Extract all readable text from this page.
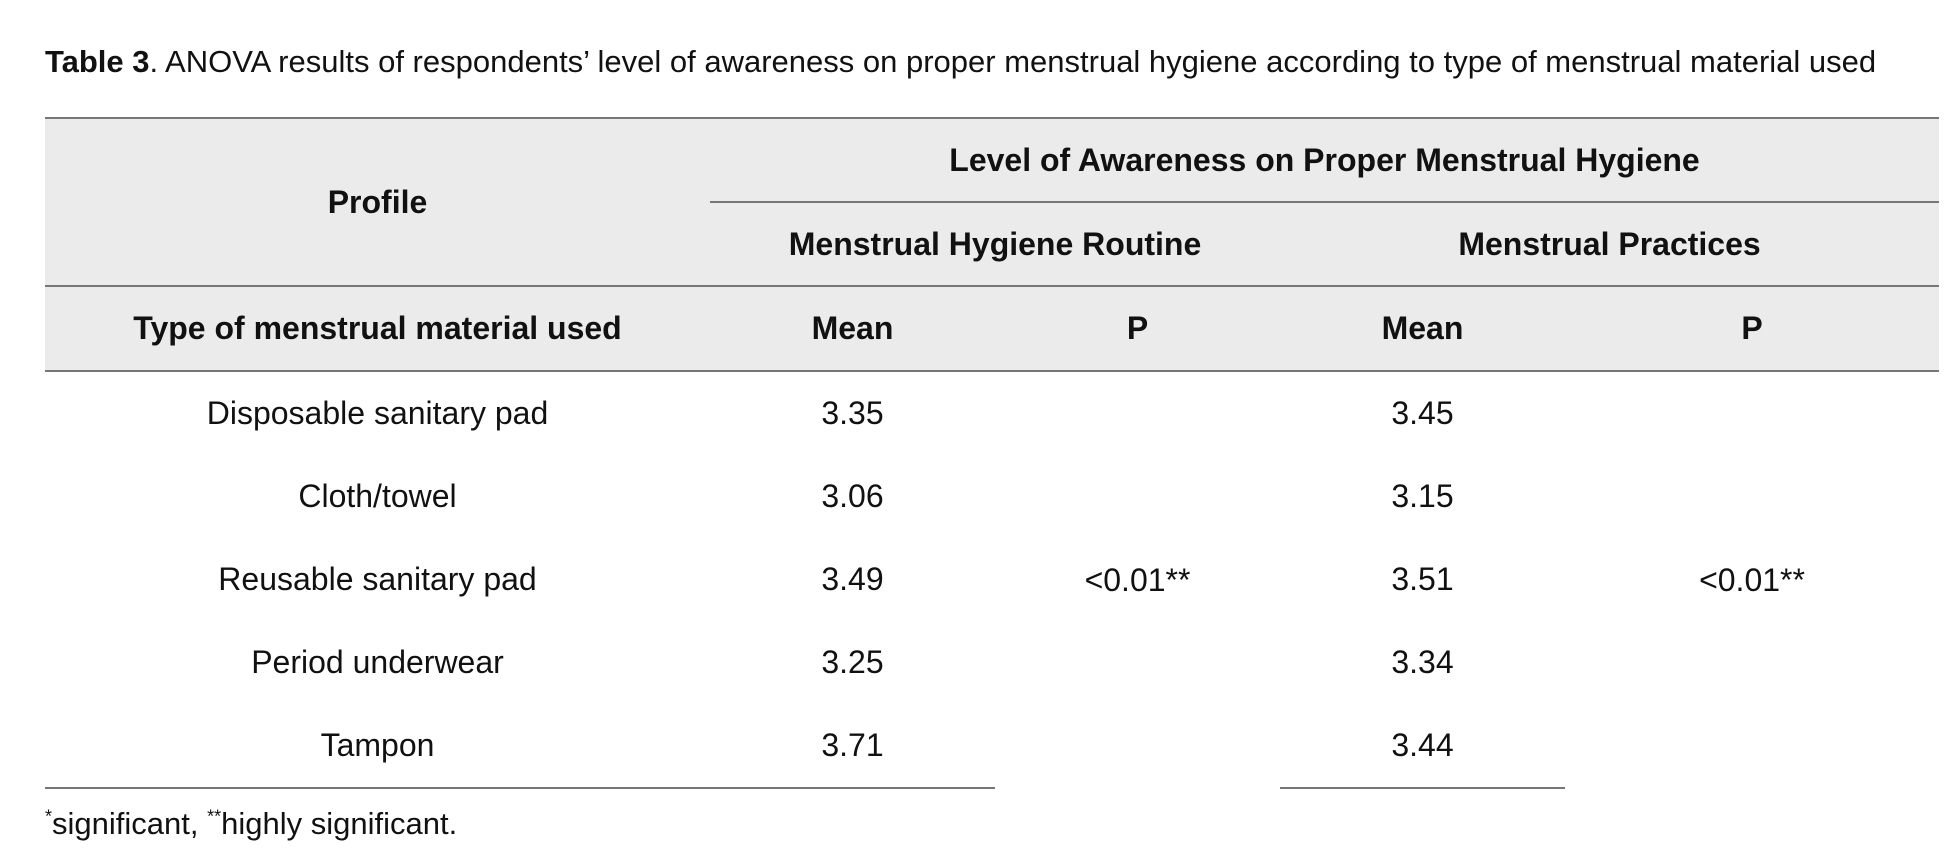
Table 3. ANOVA results of respondents’ level of awareness on proper menstrual hygiene according to type of menstrual material used
Profile	Level of Awareness on Proper Menstrual Hygiene			
	Menstrual Hygiene Routine		Menstrual Practices	
Type of menstrual material used	Mean	P	Mean	P
Disposable sanitary pad	3.35	<0.01**	3.45	<0.01**
Cloth/towel	3.06		3.15	
Reusable sanitary pad	3.49		3.51	
Period underwear	3.25		3.34	
Tampon	3.71		3.44	
*significant, **highly significant.
